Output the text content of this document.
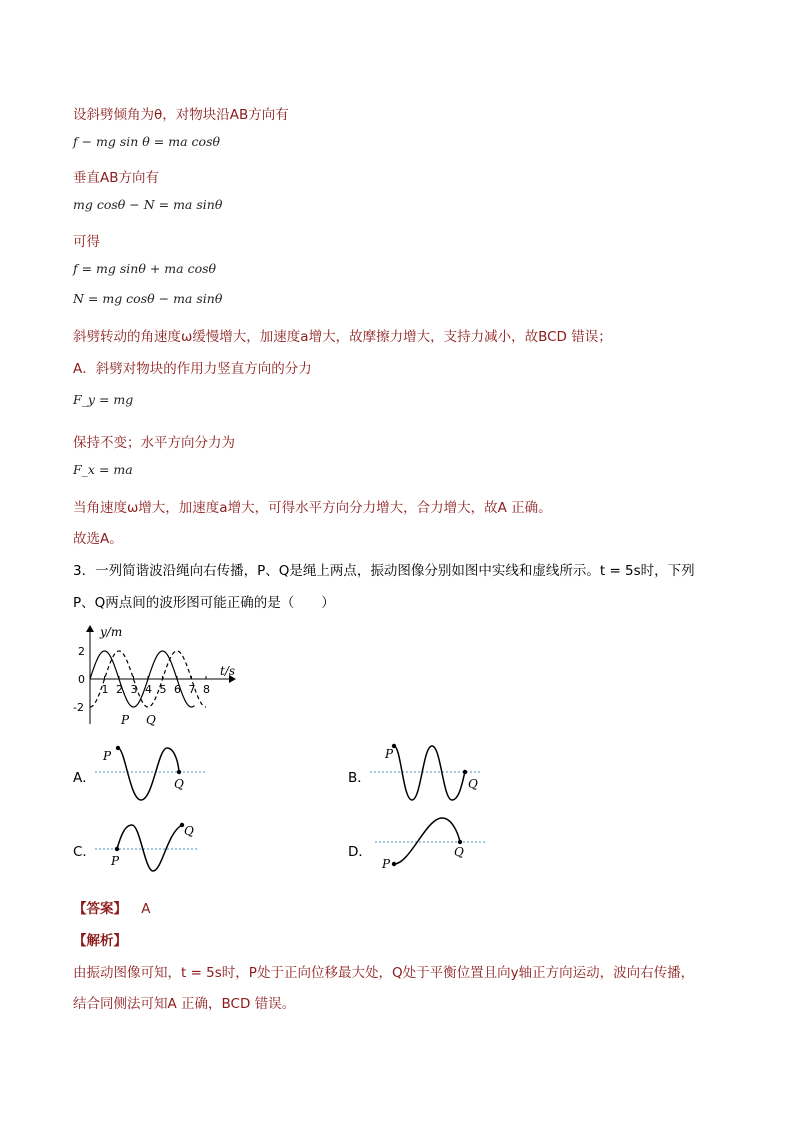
设斜劈倾角为θ，对物块沿AB方向有
f − mg sin θ = ma cosθ
垂直AB方向有
mg cosθ − N = ma sinθ
可得
f = mg sinθ + ma cosθ
N = mg cosθ − ma sinθ
斜劈转动的角速度ω缓慢增大，加速度a增大，故摩擦力增大，支持力减小，故BCD 错误；
A．斜劈对物块的作用力竖直方向的分力
F_y = mg
保持不变；水平方向分力为
F_x = ma
当角速度ω增大，加速度a增大，可得水平方向分力增大，合力增大，故A 正确。
故选A。
3．一列简谐波沿绳向右传播，P、Q是绳上两点，振动图像分别如图中实线和虚线所示。t = 5s时，下列
P、Q两点间的波形图可能正确的是（　　）
y/m
t/s
2
0
-2
1 2 3 4 5 6 7 8
P Q
A．
P
Q	B．
P
Q
C．
P
Q
D．
P
Q
【答案】 A
【解析】
由振动图像可知，t = 5s时，P处于正向位移最大处，Q处于平衡位置且向y轴正方向运动，波向右传播，
结合同侧法可知A 正确，BCD 错误。
